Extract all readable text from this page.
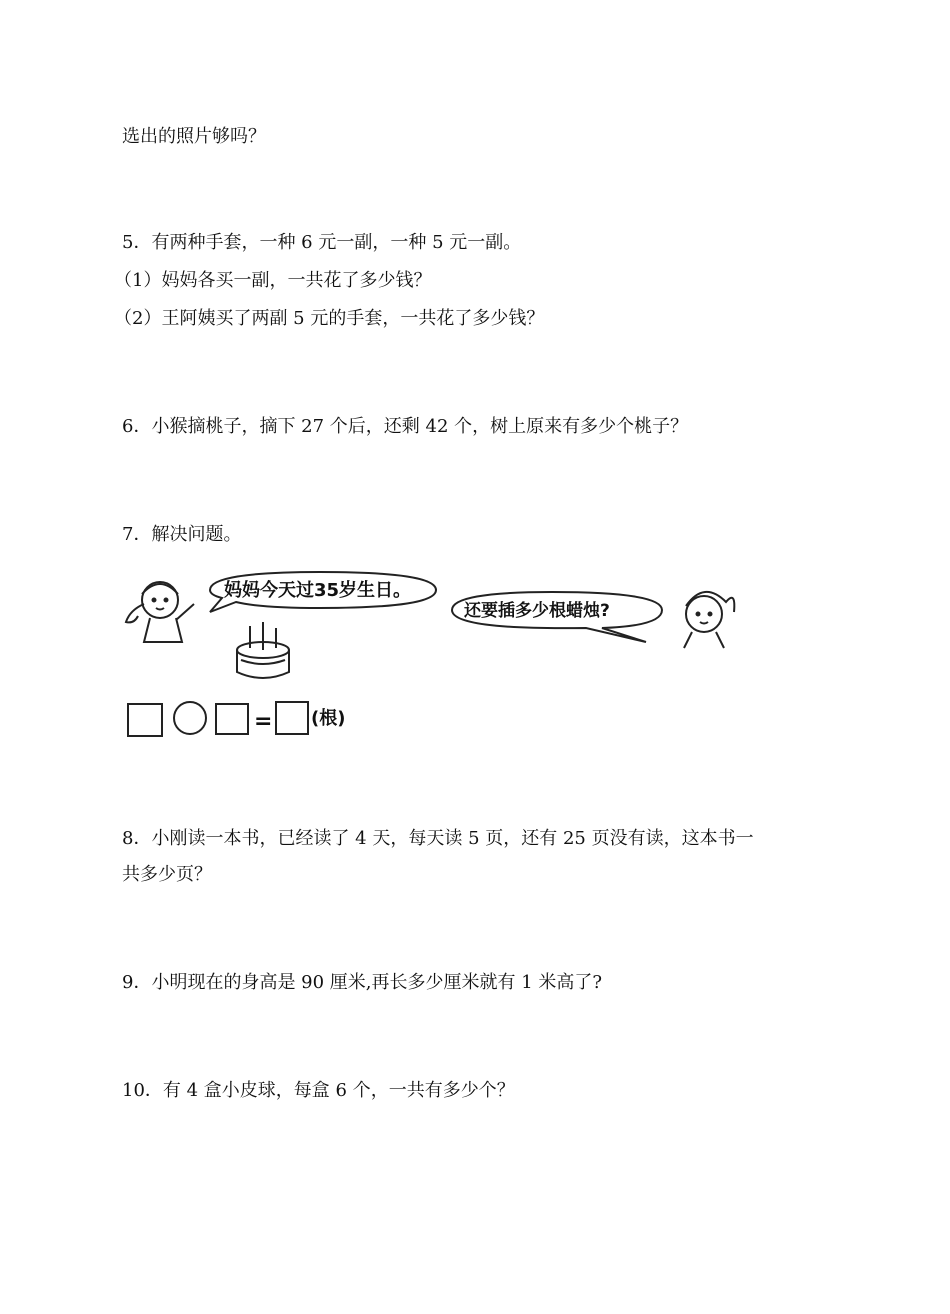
选出的照片够吗？
5．有两种手套，一种 6 元一副，一种 5 元一副。
（1）妈妈各买一副，一共花了多少钱？
（2）王阿姨买了两副 5 元的手套，一共花了多少钱？
6．小猴摘桃子，摘下 27 个后，还剩 42 个，树上原来有多少个桃子？
7．解决问题。
妈妈今天过35岁生日。
还要插多少根蜡烛?
= (根)
8．小刚读一本书，已经读了 4 天，每天读 5 页，还有 25 页没有读，这本书一
共多少页？
9．小明现在的身高是 90 厘米,再长多少厘米就有 1 米高了?
10．有 4 盒小皮球，每盒 6 个，一共有多少个？
